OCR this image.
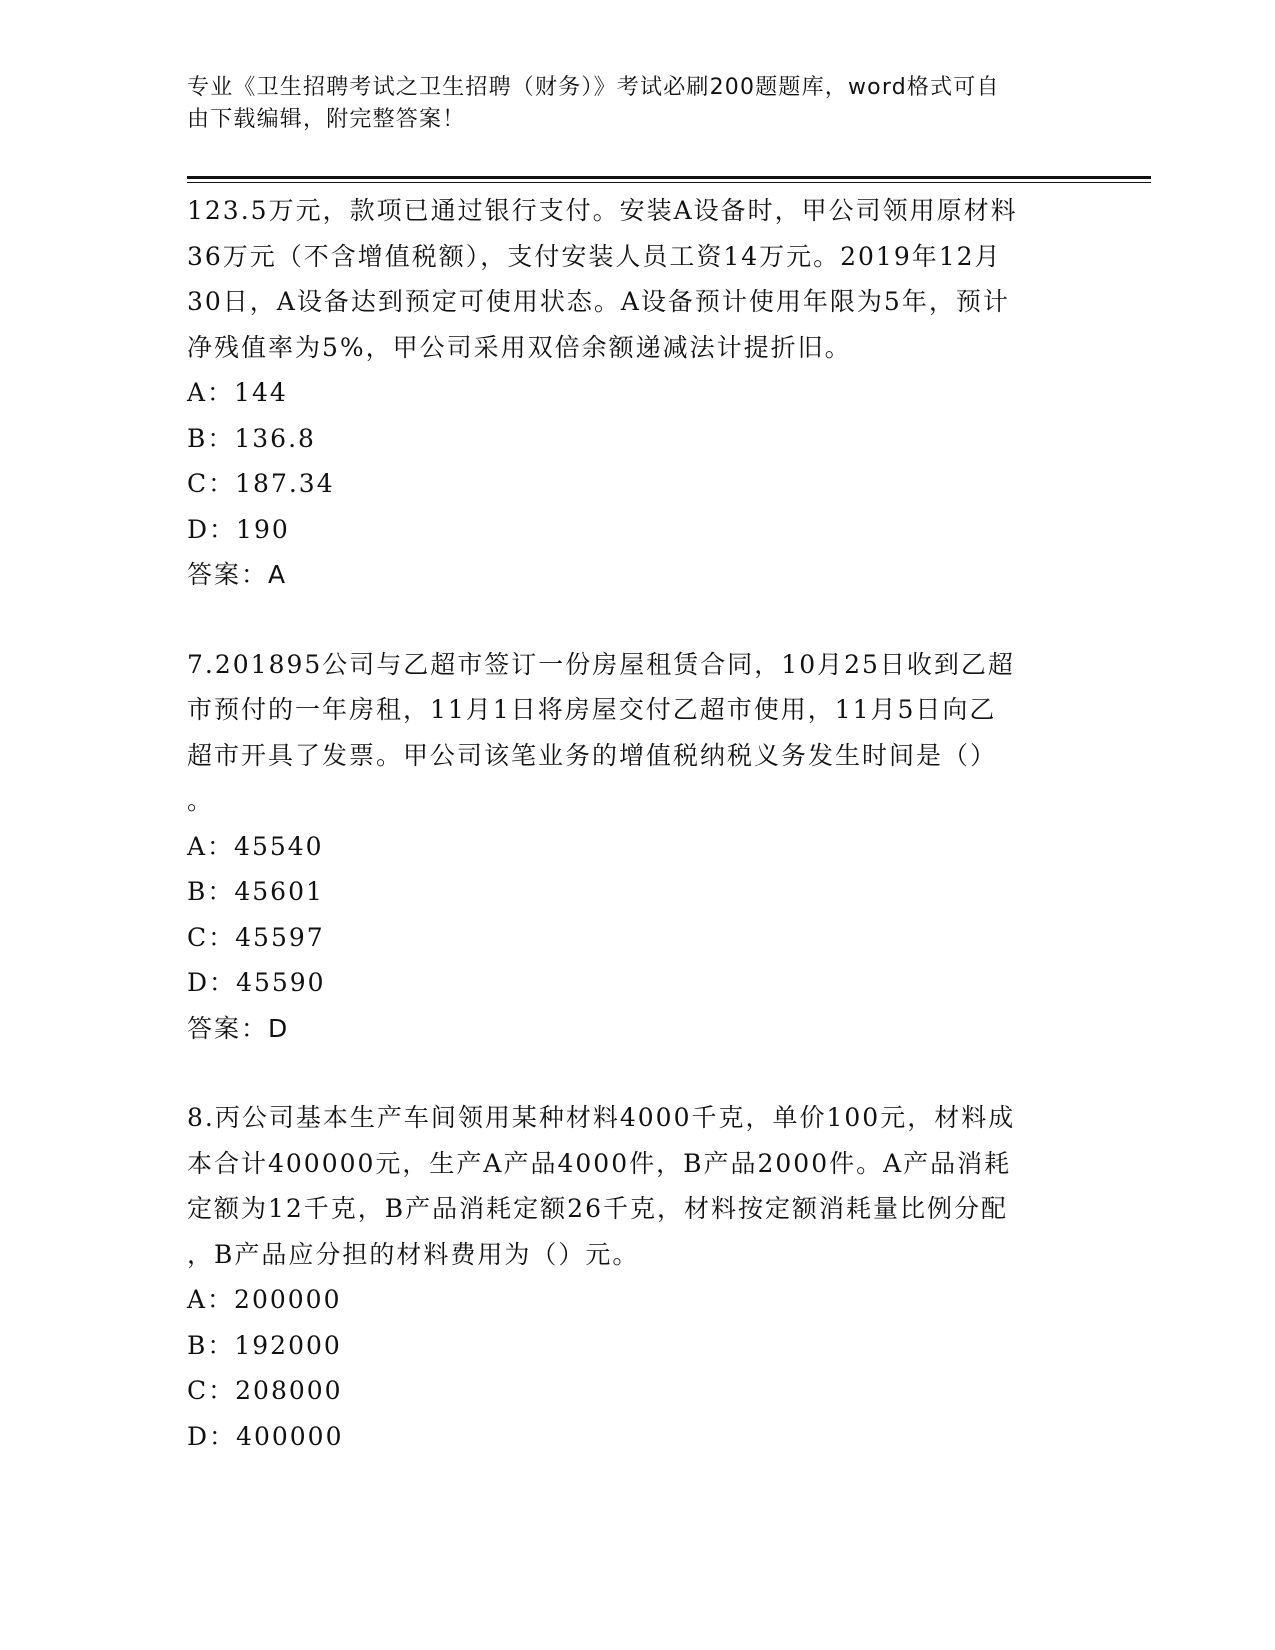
专业《卫生招聘考试之卫生招聘（财务）》考试必刷200题题库，word格式可自
由下载编辑，附完整答案！

123.5万元，款项已通过银行支付。安装A设备时，甲公司领用原材料

36万元（不含增值税额），支付安装人员工资14万元。2019年12月

30日，A设备达到预定可使用状态。A设备预计使用年限为5年，预计

净残值率为5%，甲公司采用双倍余额递减法计提折旧。

A：144

B：136.8

C：187.34

D：190

答案：A

7.201895公司与乙超市签订一份房屋租赁合同，10月25日收到乙超

市预付的一年房租，11月1日将房屋交付乙超市使用，11月5日向乙

超市开具了发票。甲公司该笔业务的增值税纳税义务发生时间是（）

。

A：45540

B：45601

C：45597

D：45590

答案：D

8.丙公司基本生产车间领用某种材料4000千克，单价100元，材料成

本合计400000元，生产A产品4000件，B产品2000件。A产品消耗

定额为12千克，B产品消耗定额26千克，材料按定额消耗量比例分配

，B产品应分担的材料费用为（）元。

A：200000

B：192000

C：208000

D：400000
